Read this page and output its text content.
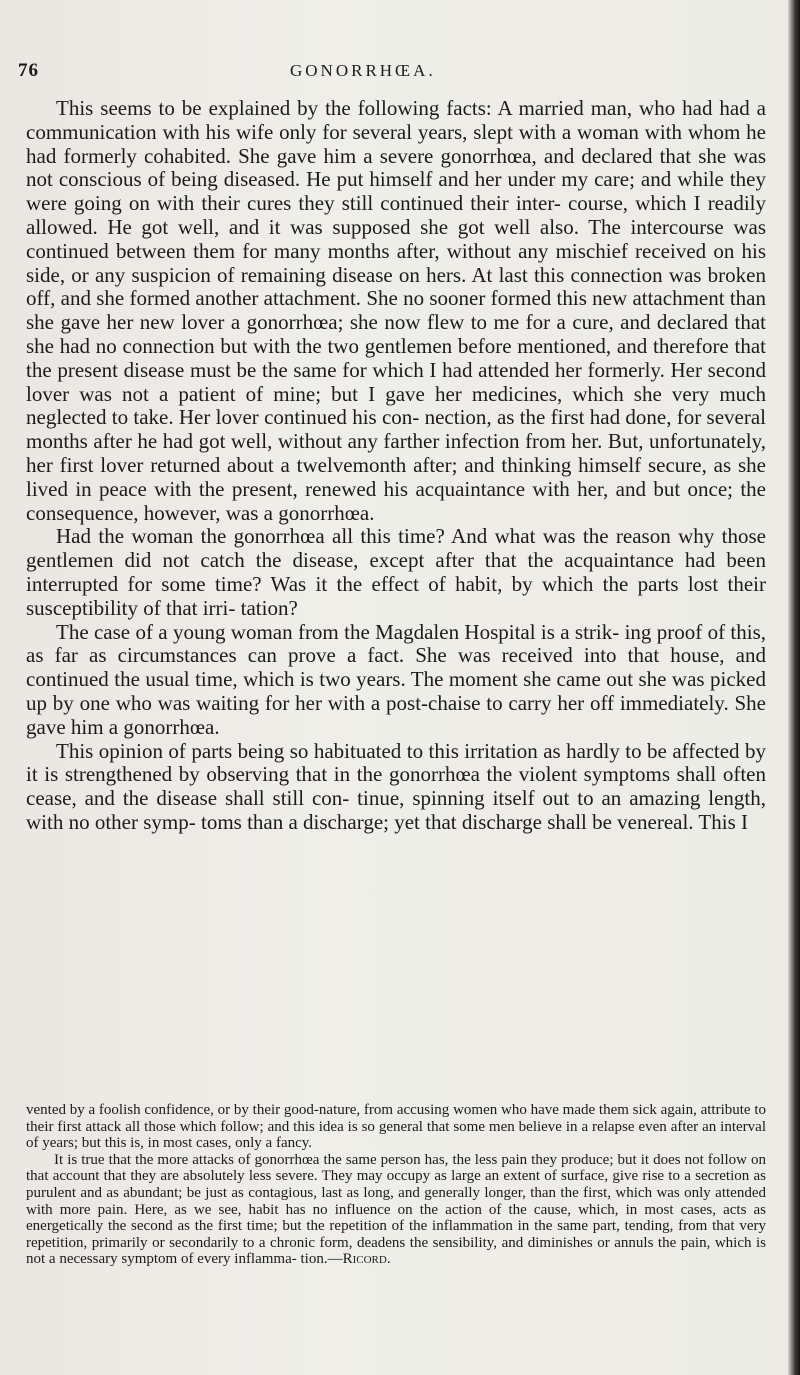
76	GONORRHŒA.

This seems to be explained by the following facts: A married man, who had had a communication with his wife only for several years, slept with a woman with whom he had formerly cohabited. She gave him a severe gonorrhœa, and declared that she was not conscious of being diseased. He put himself and her under my care; and while they were going on with their cures they still continued their inter- course, which I readily allowed. He got well, and it was supposed she got well also. The intercourse was continued between them for many months after, without any mischief received on his side, or any suspicion of remaining disease on hers. At last this connection was broken off, and she formed another attachment. She no sooner formed this new attachment than she gave her new lover a gonorrhœa; she now flew to me for a cure, and declared that she had no connection but with the two gentlemen before mentioned, and therefore that the present disease must be the same for which I had attended her formerly. Her second lover was not a patient of mine; but I gave her medicines, which she very much neglected to take. Her lover continued his con- nection, as the first had done, for several months after he had got well, without any farther infection from her. But, unfortunately, her first lover returned about a twelvemonth after; and thinking himself secure, as she lived in peace with the present, renewed his acquaintance with her, and but once; the consequence, however, was a gonorrhœa.

Had the woman the gonorrhœa all this time? And what was the reason why those gentlemen did not catch the disease, except after that the acquaintance had been interrupted for some time? Was it the effect of habit, by which the parts lost their susceptibility of that irri- tation?

The case of a young woman from the Magdalen Hospital is a strik- ing proof of this, as far as circumstances can prove a fact. She was received into that house, and continued the usual time, which is two years. The moment she came out she was picked up by one who was waiting for her with a post-chaise to carry her off immediately. She gave him a gonorrhœa.

This opinion of parts being so habituated to this irritation as hardly to be affected by it is strengthened by observing that in the gonorrhœa the violent symptoms shall often cease, and the disease shall still con- tinue, spinning itself out to an amazing length, with no other symp- toms than a discharge; yet that discharge shall be venereal. This I

vented by a foolish confidence, or by their good-nature, from accusing women who have made them sick again, attribute to their first attack all those which follow; and this idea is so general that some men believe in a relapse even after an interval of years; but this is, in most cases, only a fancy.

It is true that the more attacks of gonorrhœa the same person has, the less pain they produce; but it does not follow on that account that they are absolutely less severe. They may occupy as large an extent of surface, give rise to a secretion as purulent and as abundant; be just as contagious, last as long, and generally longer, than the first, which was only attended with more pain. Here, as we see, habit has no influence on the action of the cause, which, in most cases, acts as energetically the second as the first time; but the repetition of the inflammation in the same part, tending, from that very repetition, primarily or secondarily to a chronic form, deadens the sensibility, and diminishes or annuls the pain, which is not a necessary symptom of every inflamma- tion.—Ricord.
